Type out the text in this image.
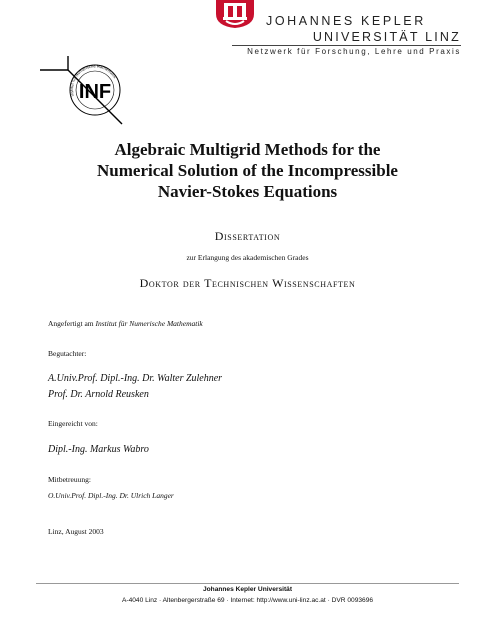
JOHANNES KEPLER
UNIVERSITÄT LINZ
Netzwerk für Forschung, Lehre und Praxis
Institut für Numerische Mathematik
INF
Algebraic Multigrid Methods for the
Numerical Solution of the Incompressible
Navier-Stokes Equations
Dissertation
zur Erlangung des akademischen Grades
Doktor der Technischen Wissenschaften
Angefertigt am Institut für Numerische Mathematik
Begutachter:
A.Univ.Prof. Dipl.-Ing. Dr. Walter Zulehner
Prof. Dr. Arnold Reusken
Eingereicht von:
Dipl.-Ing. Markus Wabro
Mitbetreuung:
O.Univ.Prof. Dipl.-Ing. Dr. Ulrich Langer
Linz, August 2003
Johannes Kepler Universität
A-4040 Linz · Altenbergerstraße 69 · Internet: http://www.uni-linz.ac.at · DVR 0093696
